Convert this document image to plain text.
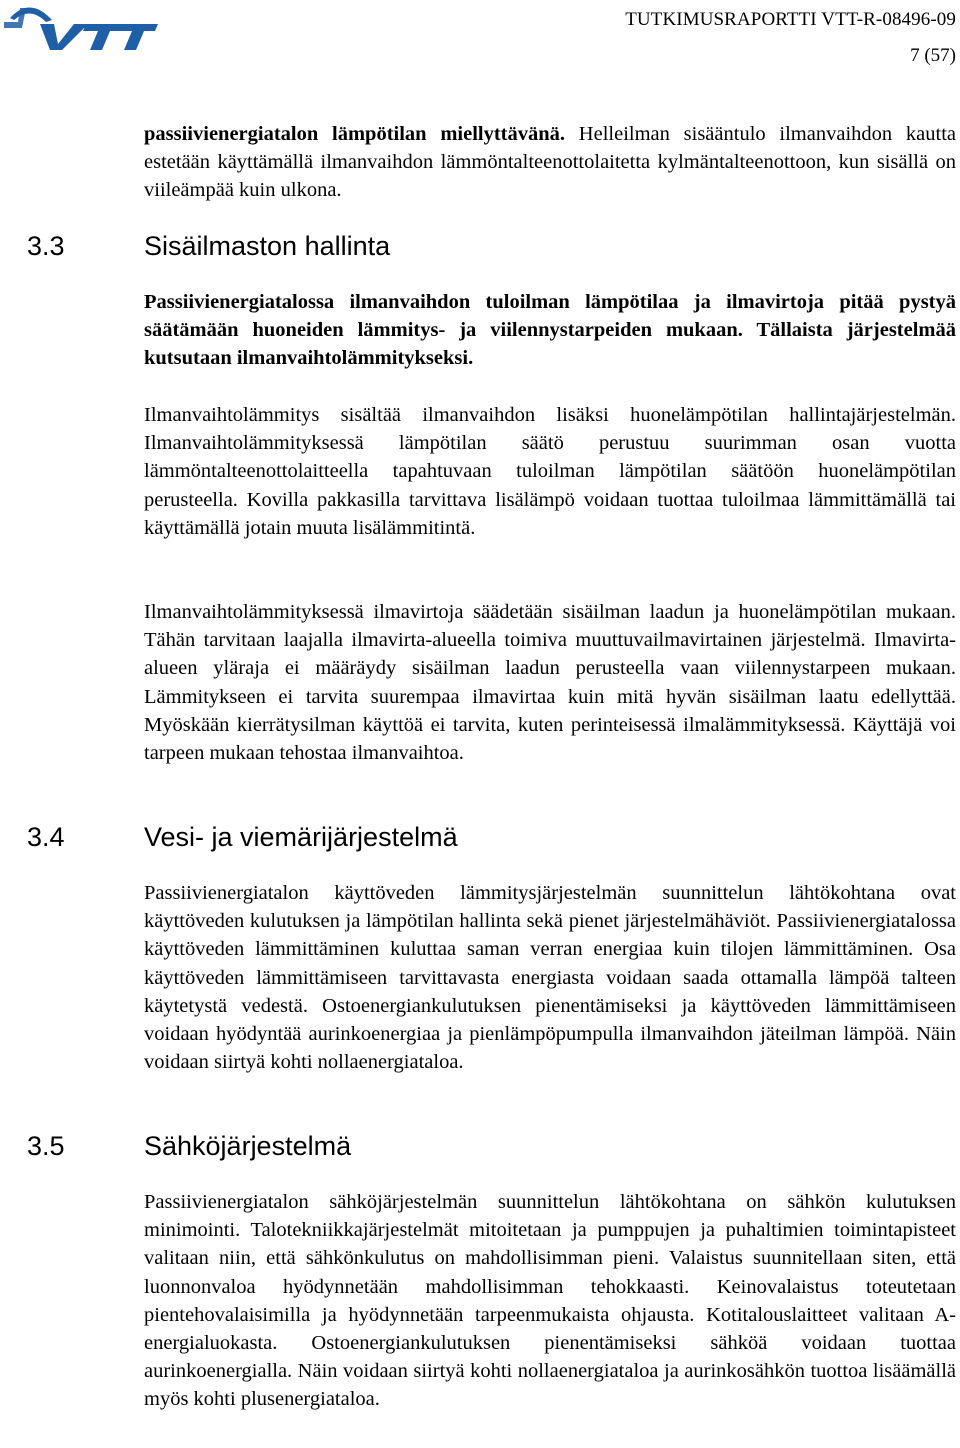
TUTKIMUSRAPORTTI VTT-R-08496-09
7 (57)

passiivienergiatalon lämpötilan miellyttävänä. Helleilman sisääntulo ilmanvaihdon kautta estetään käyttämällä ilmanvaihdon lämmöntalteenottolaitetta kylmäntalteenottoon, kun sisällä on viileämpää kuin ulkona.

3.3	Sisäilmaston hallinta

Passiivienergiatalossa ilmanvaihdon tuloilman lämpötilaa ja ilmavirtoja pitää pystyä säätämään huoneiden lämmitys- ja viilennystarpeiden mukaan. Tällaista järjestelmää kutsutaan ilmanvaihtolämmitykseksi.

Ilmanvaihtolämmitys sisältää ilmanvaihdon lisäksi huonelämpötilan hallintajärjestelmän. Ilmanvaihtolämmityksessä lämpötilan säätö perustuu suurimman osan vuotta lämmöntalteenottolaitteella tapahtuvaan tuloilman lämpötilan säätöön huonelämpötilan perusteella. Kovilla pakkasilla tarvittava lisälämpö voidaan tuottaa tuloilmaa lämmittämällä tai käyttämällä jotain muuta lisälämmitintä.

Ilmanvaihtolämmityksessä ilmavirtoja säädetään sisäilman laadun ja huonelämpötilan mukaan. Tähän tarvitaan laajalla ilmavirta-alueella toimiva muuttuvailmavirtainen järjestelmä. Ilmavirta-alueen yläraja ei määräydy sisäilman laadun perusteella vaan viilennystarpeen mukaan. Lämmitykseen ei tarvita suurempaa ilmavirtaa kuin mitä hyvän sisäilman laatu edellyttää. Myöskään kierrätysilman käyttöä ei tarvita, kuten perinteisessä ilmalämmityksessä. Käyttäjä voi tarpeen mukaan tehostaa ilmanvaihtoa.

3.4	Vesi- ja viemärijärjestelmä

Passiivienergiatalon käyttöveden lämmitysjärjestelmän suunnittelun lähtökohtana ovat käyttöveden kulutuksen ja lämpötilan hallinta sekä pienet järjestelmähäviöt. Passiivienergiatalossa käyttöveden lämmittäminen kuluttaa saman verran energiaa kuin tilojen lämmittäminen. Osa käyttöveden lämmittämiseen tarvittavasta energiasta voidaan saada ottamalla lämpöä talteen käytetystä vedestä. Ostoenergiankulutuksen pienentämiseksi ja käyttöveden lämmittämiseen voidaan hyödyntää aurinkoenergiaa ja pienlämpöpumpulla ilmanvaihdon jäteilman lämpöä. Näin voidaan siirtyä kohti nollaenergiataloa.

3.5	Sähköjärjestelmä

Passiivienergiatalon sähköjärjestelmän suunnittelun lähtökohtana on sähkön kulutuksen minimointi. Talotekniikkajärjestelmät mitoitetaan ja pumppujen ja puhaltimien toimintapisteet valitaan niin, että sähkönkulutus on mahdollisimman pieni. Valaistus suunnitellaan siten, että luonnonvaloa hyödynnetään mahdollisimman tehokkaasti. Keinovalaistus toteutetaan pientehovalaisimilla ja hyödynnetään tarpeenmukaista ohjausta. Kotitalouslaitteet valitaan A-energialuokasta. Ostoenergiankulutuksen pienentämiseksi sähköä voidaan tuottaa aurinkoenergialla. Näin voidaan siirtyä kohti nollaenergiataloa ja aurinkosähkön tuottoa lisäämällä myös kohti plusenergiataloa.
